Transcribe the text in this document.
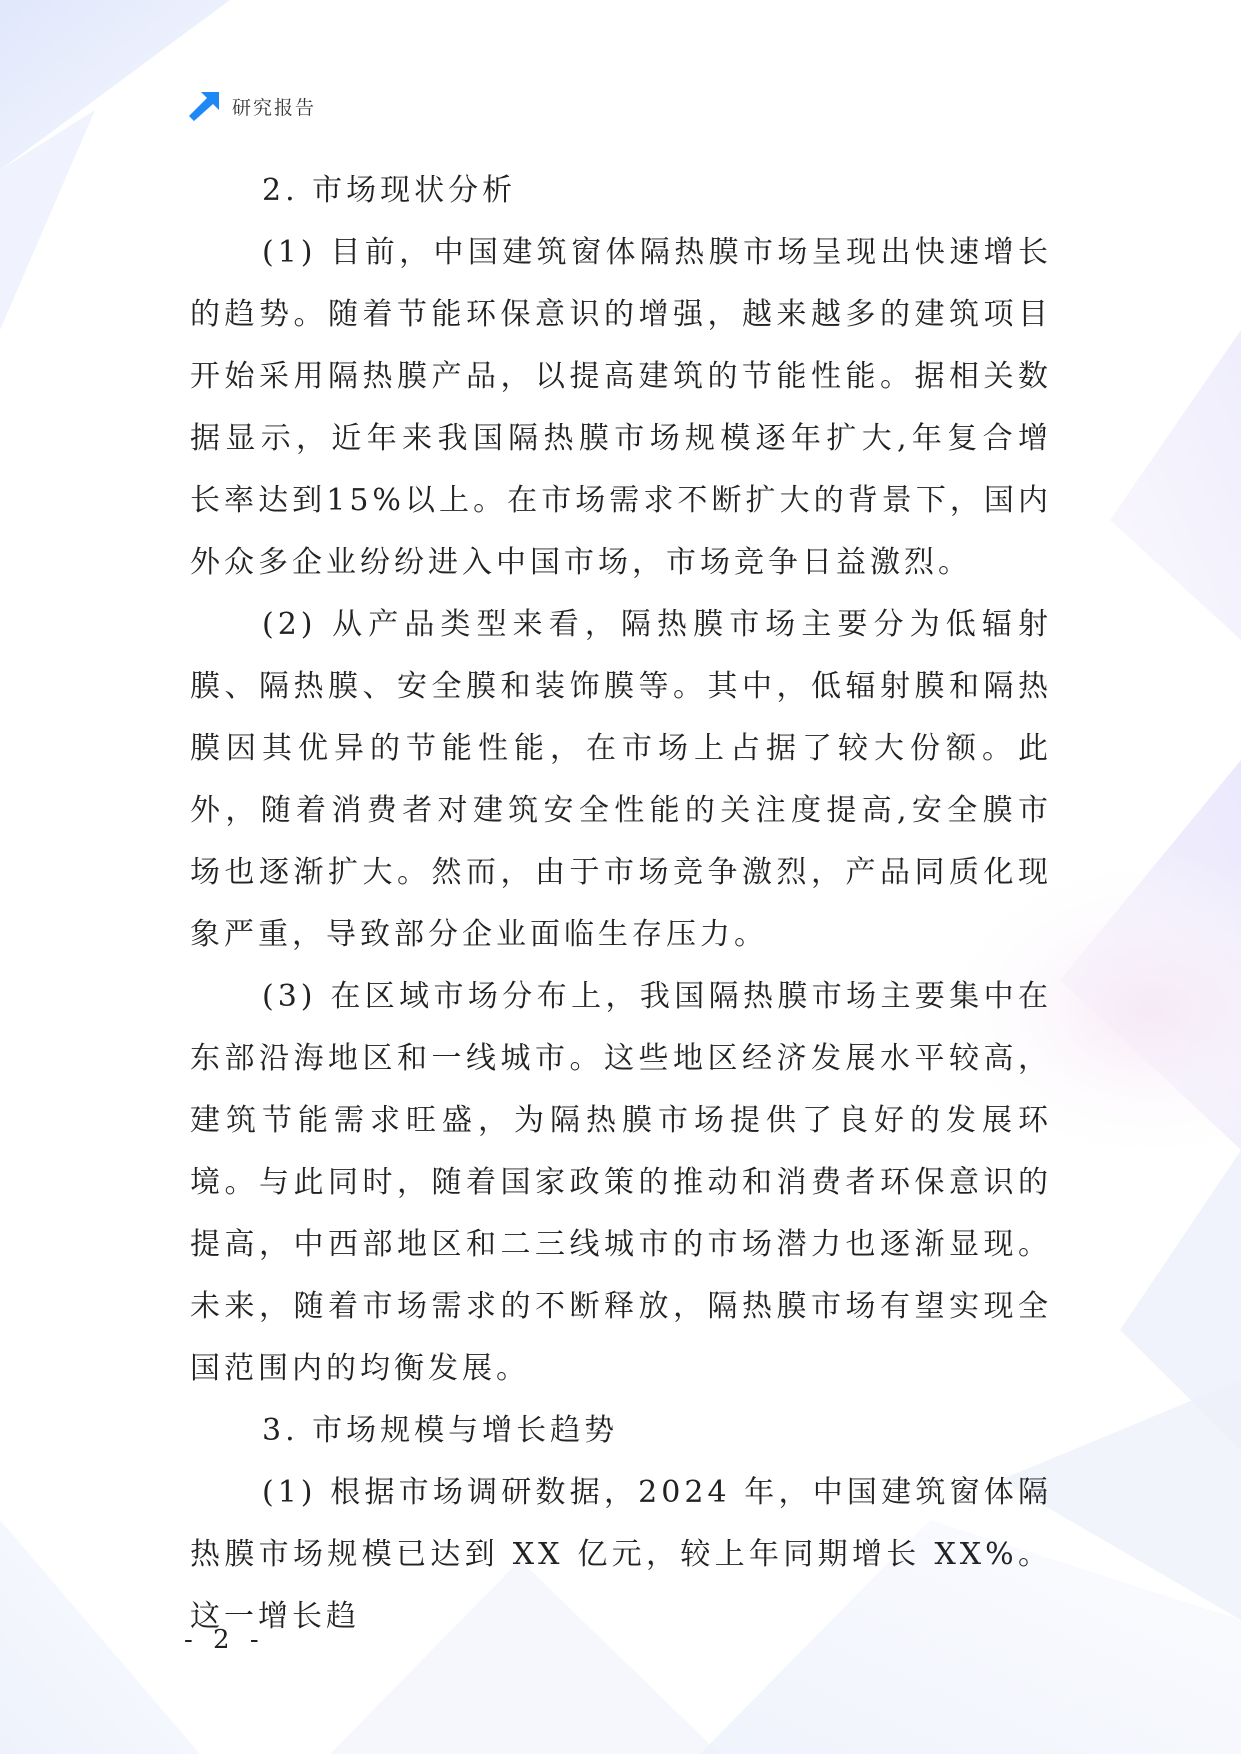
研究报告

2. 市场现状分析

(1) 目前，中国建筑窗体隔热膜市场呈现出快速增长的趋势。随着节能环保意识的增强，越来越多的建筑项目开始采用隔热膜产品，以提高建筑的节能性能。据相关数据显示，近年来我国隔热膜市场规模逐年扩大,年复合增长率达到15%以上。在市场需求不断扩大的背景下，国内外众多企业纷纷进入中国市场，市场竞争日益激烈。

(2) 从产品类型来看，隔热膜市场主要分为低辐射膜、隔热膜、安全膜和装饰膜等。其中，低辐射膜和隔热膜因其优异的节能性能，在市场上占据了较大份额。此外，随着消费者对建筑安全性能的关注度提高,安全膜市场也逐渐扩大。然而，由于市场竞争激烈，产品同质化现象严重，导致部分企业面临生存压力。

(3) 在区域市场分布上，我国隔热膜市场主要集中在东部沿海地区和一线城市。这些地区经济发展水平较高，建筑节能需求旺盛，为隔热膜市场提供了良好的发展环境。与此同时，随着国家政策的推动和消费者环保意识的提高，中西部地区和二三线城市的市场潜力也逐渐显现。未来，随着市场需求的不断释放，隔热膜市场有望实现全国范围内的均衡发展。

3. 市场规模与增长趋势

(1) 根据市场调研数据，2024 年，中国建筑窗体隔热膜市场规模已达到 XX 亿元，较上年同期增长 XX%。这一增长趋

- 2 -
